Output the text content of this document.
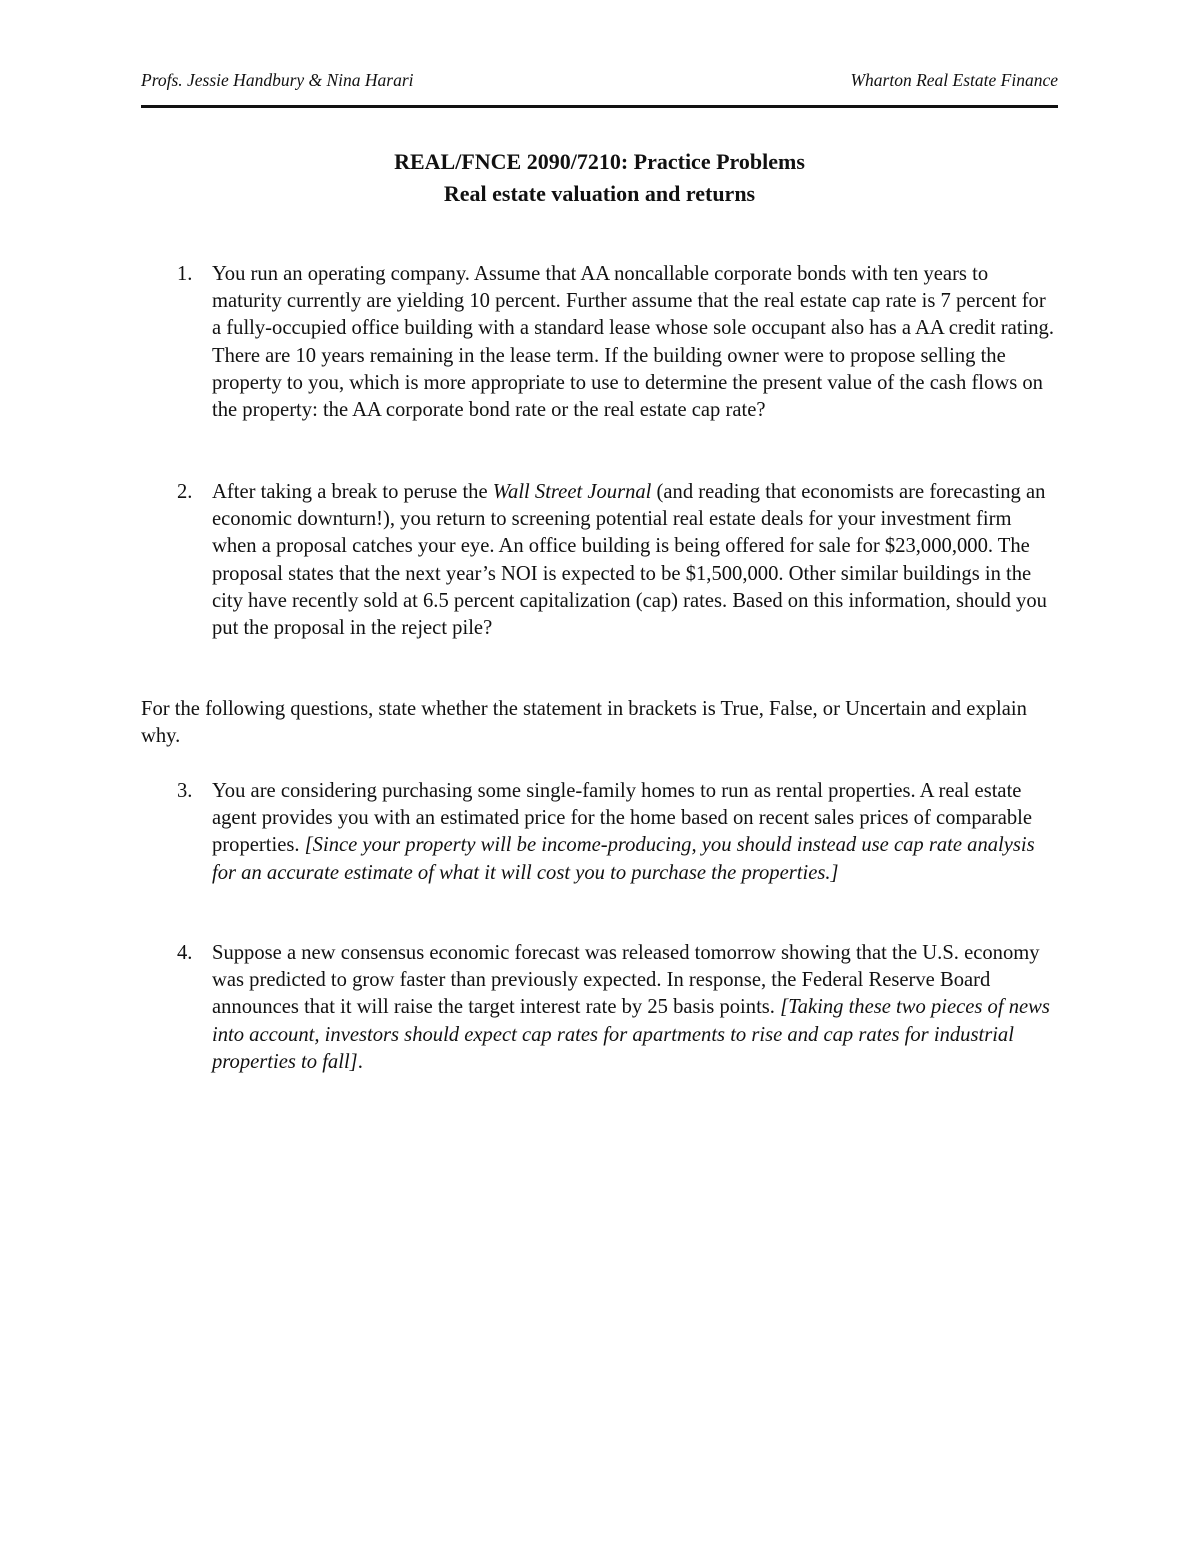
Profs. Jessie Handbury & Nina Harari	Wharton Real Estate Finance
REAL/FNCE 2090/7210: Practice Problems
Real estate valuation and returns
1. You run an operating company. Assume that AA noncallable corporate bonds with ten years to maturity currently are yielding 10 percent. Further assume that the real estate cap rate is 7 percent for a fully-occupied office building with a standard lease whose sole occupant also has a AA credit rating. There are 10 years remaining in the lease term. If the building owner were to propose selling the property to you, which is more appropriate to use to determine the present value of the cash flows on the property: the AA corporate bond rate or the real estate cap rate?

2. After taking a break to peruse the Wall Street Journal (and reading that economists are forecasting an economic downturn!), you return to screening potential real estate deals for your investment firm when a proposal catches your eye. An office building is being offered for sale for $23,000,000. The proposal states that the next year’s NOI is expected to be $1,500,000. Other similar buildings in the city have recently sold at 6.5 percent capitalization (cap) rates. Based on this information, should you put the proposal in the reject pile?

For the following questions, state whether the statement in brackets is True, False, or Uncertain and explain why.
3. You are considering purchasing some single-family homes to run as rental properties. A real estate agent provides you with an estimated price for the home based on recent sales prices of comparable properties. [Since your property will be income-producing, you should instead use cap rate analysis for an accurate estimate of what it will cost you to purchase the properties.]

4. Suppose a new consensus economic forecast was released tomorrow showing that the U.S. economy was predicted to grow faster than previously expected. In response, the Federal Reserve Board announces that it will raise the target interest rate by 25 basis points. [Taking these two pieces of news into account, investors should expect cap rates for apartments to rise and cap rates for industrial properties to fall].
